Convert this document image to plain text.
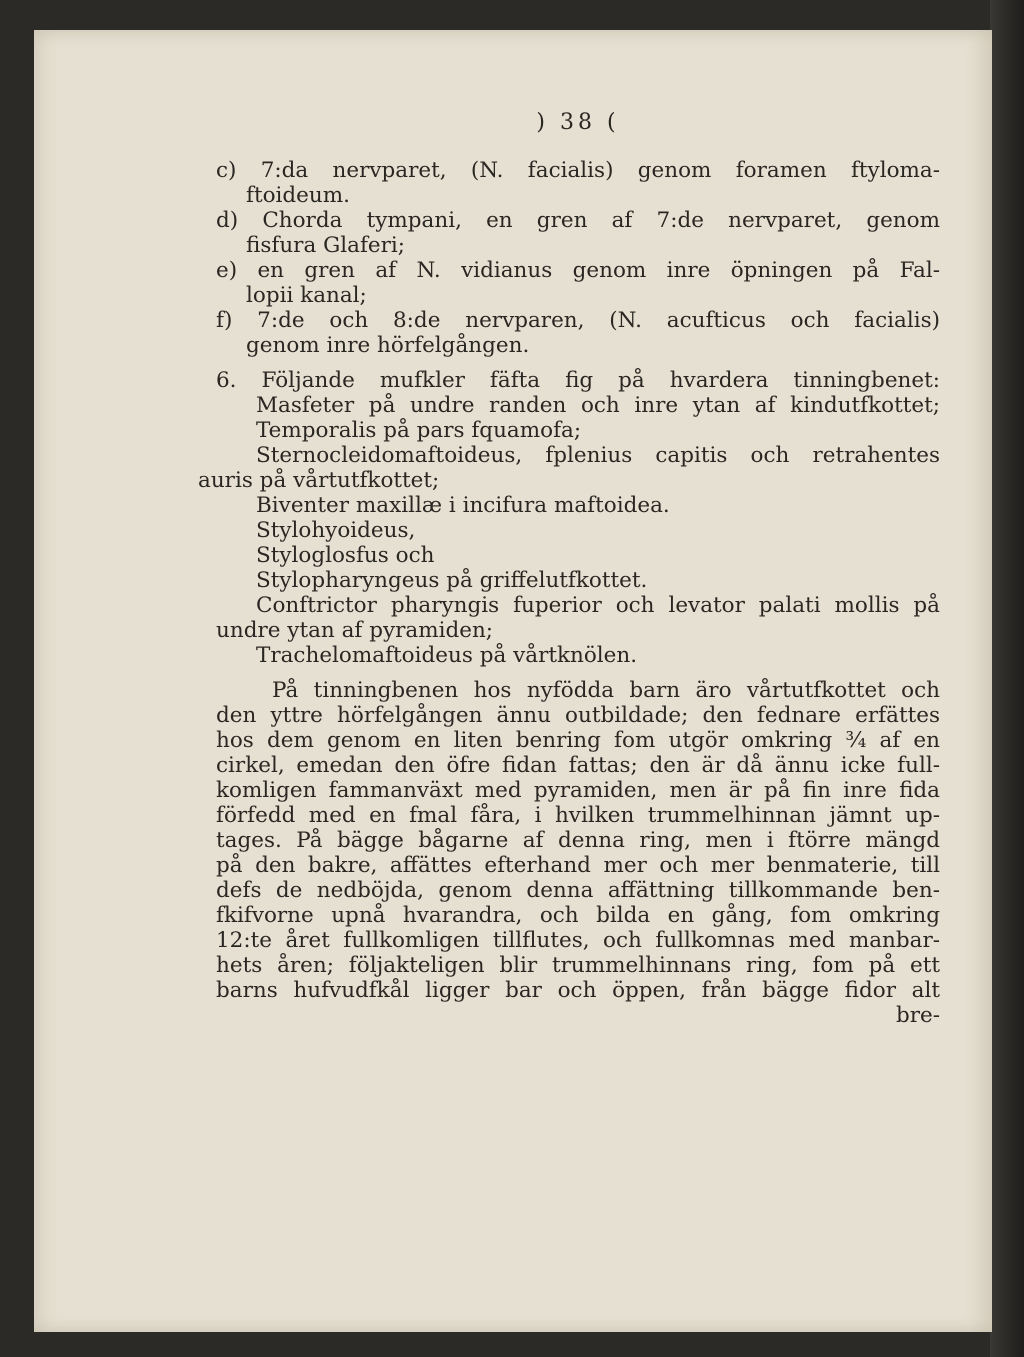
) 38 (
c) 7:da nervparet, (N. facialis) genom foramen ftyloma-
ftoideum.
d) Chorda tympani, en gren af 7:de nervparet, genom
fisfura Glaferi;
e) en gren af N. vidianus genom inre öpningen på Fal-
lopii kanal;
f) 7:de och 8:de nervparen, (N. acufticus och facialis)
genom inre hörfelgången.
6. Följande mufkler fäfta fig på hvardera tinningbenet:
Masfeter på undre randen och inre ytan af kindutfkottet;
Temporalis på pars fquamofa;
Sternocleidomaftoideus, fplenius capitis och retrahentes
auris på vårtutfkottet;
Biventer maxillæ i incifura maftoidea.
Stylohyoideus,
Styloglosfus och
Stylopharyngeus på griffelutfkottet.
Conftrictor pharyngis fuperior och levator palati mollis på
undre ytan af pyramiden;
Trachelomaftoideus på vårtknölen.
På tinningbenen hos nyfödda barn äro vårtutfkottet och
den yttre hörfelgången ännu outbildade; den fednare erfättes
hos dem genom en liten benring fom utgör omkring ¾ af en
cirkel, emedan den öfre fidan fattas; den är då ännu icke full-
komligen fammanväxt med pyramiden, men är på fin inre fida
förfedd med en fmal fåra, i hvilken trummelhinnan jämnt up-
tages. På bägge bågarne af denna ring, men i ftörre mängd
på den bakre, affättes efterhand mer och mer benmaterie, till
defs de nedböjda, genom denna affättning tillkommande ben-
fkifvorne upnå hvarandra, och bilda en gång, fom omkring
12:te året fullkomligen tillflutes, och fullkomnas med manbar-
hets åren; följakteligen blir trummelhinnans ring, fom på ett
barns hufvudfkål ligger bar och öppen, från bägge fidor alt
bre-
